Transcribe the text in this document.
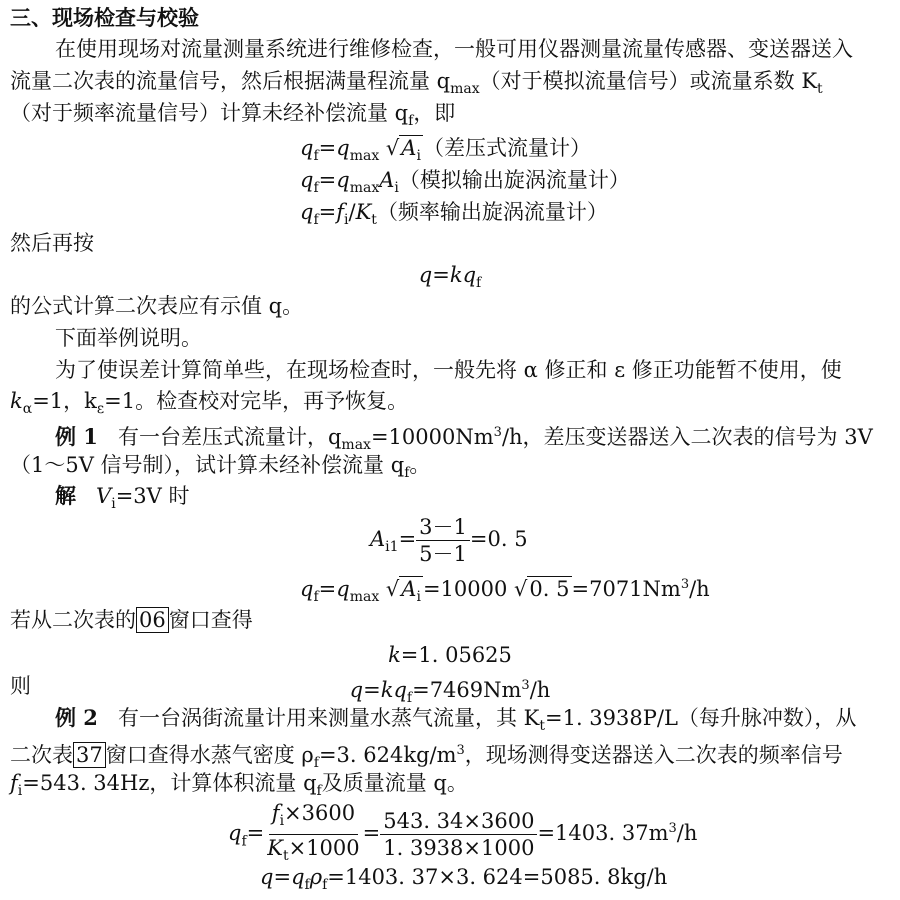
三、现场检查与校验
在使用现场对流量测量系统进行维修检查，一般可用仪器测量流量传感器、变送器送入
流量二次表的流量信号，然后根据满量程流量 $q_{max}$（对于模拟流量信号）或流量系数 $K_t$
（对于频率流量信号）计算未经补偿流量 $q_f$，即
$q_f=q_{max}$ $√A_i$（差压式流量计）
$q_f=q_{max}A_i$（模拟输出旋涡流量计）
$q_f=f_i/K_t$（频率输出旋涡流量计）
然后再按
$q=kq_f$
的公式计算二次表应有示值 q。
下面举例说明。
为了使误差计算简单些，在现场检查时，一般先将 α 修正和 ε 修正功能暂不使用，使
$k_\alpha=1$，$k_\varepsilon=1$。检查校对完毕，再予恢复。
例 1 有一台差压式流量计，$q_{max}=10000Nm^3/h$，差压变送器送入二次表的信号为 3V
（1～5V 信号制），试计算未经补偿流量 $q_f$。
解 $V_i=3V$ 时
$A_{i1}= \frac{3-1}{5-1} =0$. 5
$q_f=q_{max}$ $√A_i=10000$ √0. $5=7071Nm^3/h$
若从二次表的 06 窗口查得
k=1. 05625
则	$q=kq_f=7469Nm^3/h$
例 2 有一台涡街流量计用来测量水蒸气流量，其 $K_t=1$. 3938P/L（每升脉冲数），从
二次表 37 窗口查得水蒸气密度 $\rho_f=3$. $624kg/m^3$，现场测得变送器送入二次表的频率信号
$f_i=543$. 34Hz，计算体积流量 $q_f$及质量流量 q。
$q_f= \frac{f_i\times 3600}{K_t\times 1000} = \frac{543. 34\times 3600}{1. 3938\times 1000} =1403$. $37m^3/h$
$q=q_f\rho_f=1403$. 37×3. 624=5085. 8kg/h
